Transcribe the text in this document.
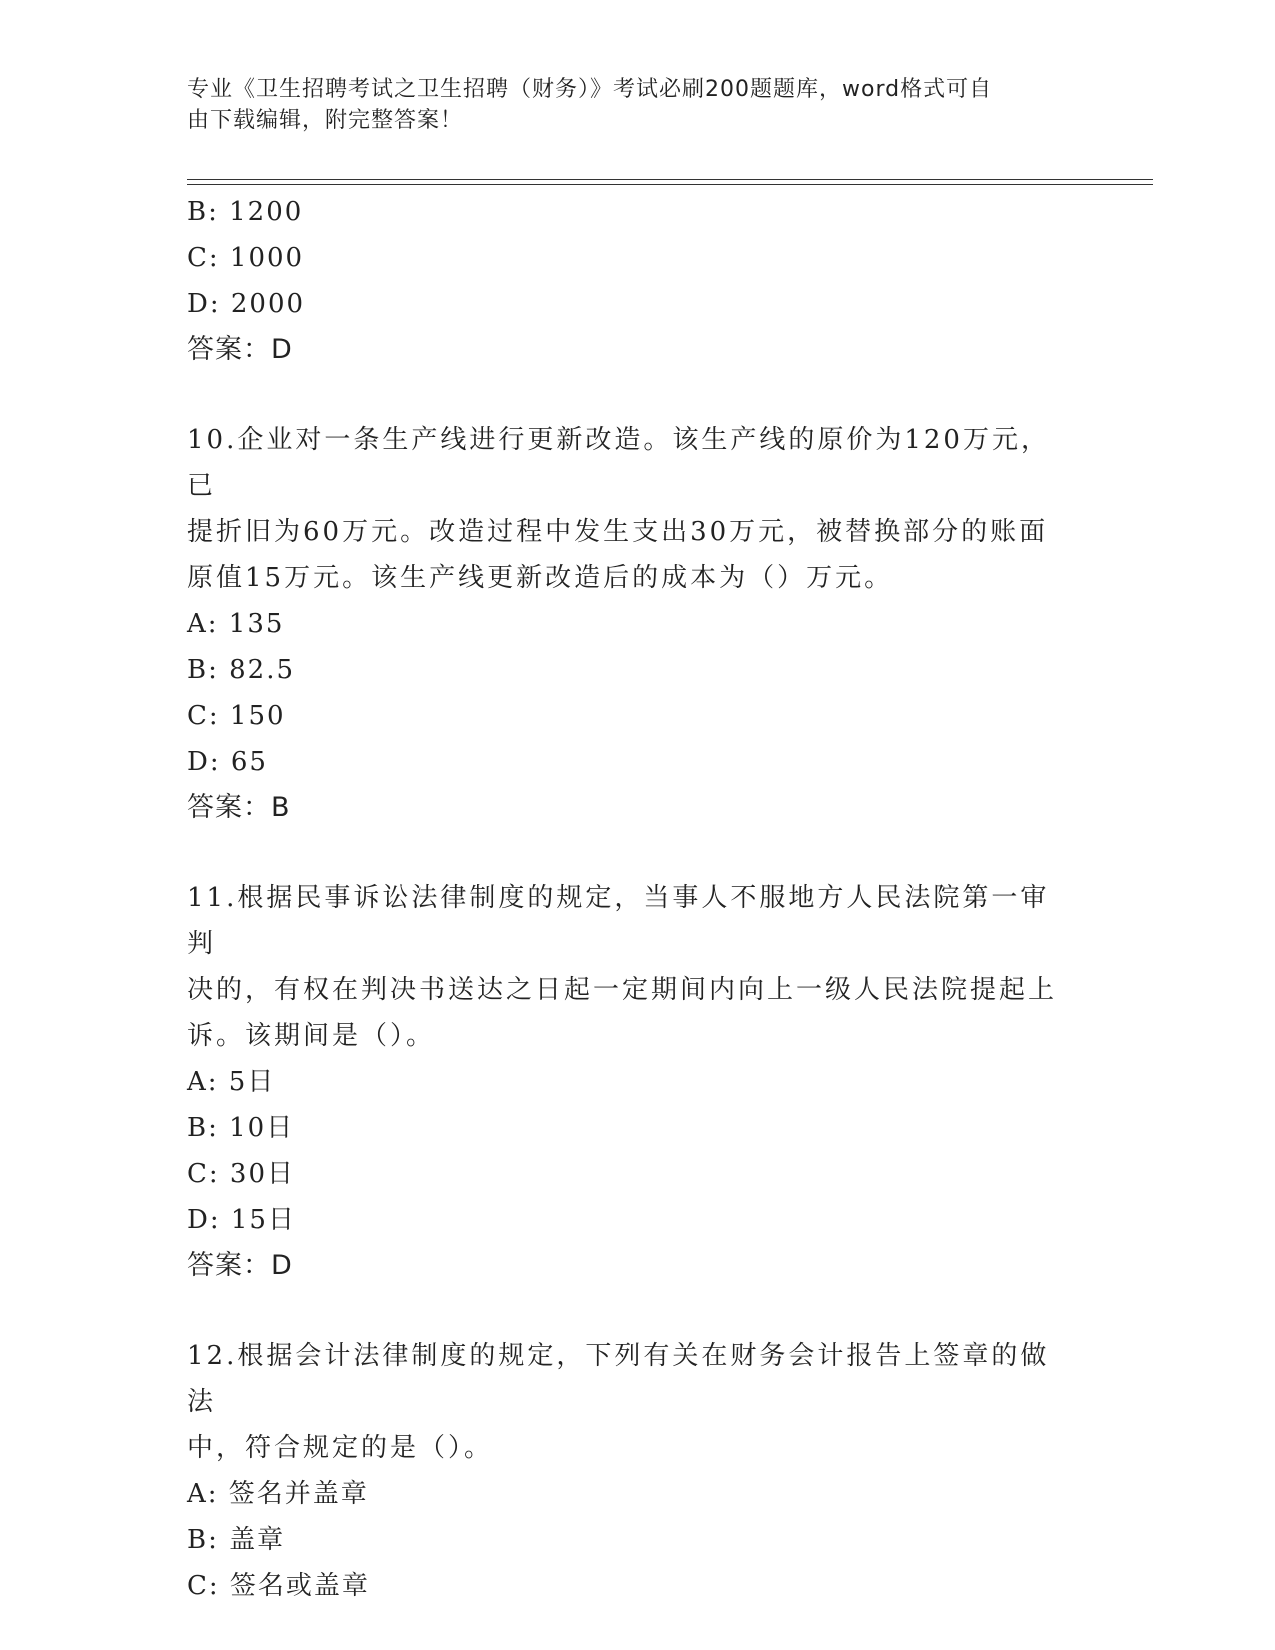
专业《卫生招聘考试之卫生招聘（财务）》考试必刷200题题库，word格式可自
由下载编辑，附完整答案！
B: 1200
C: 1000
D: 2000
答案：D
10.企业对一条生产线进行更新改造。该生产线的原价为120万元，已
提折旧为60万元。改造过程中发生支出30万元，被替换部分的账面
原值15万元。该生产线更新改造后的成本为（）万元。
A: 135
B: 82.5
C: 150
D: 65
答案：B
11.根据民事诉讼法律制度的规定，当事人不服地方人民法院第一审判
决的，有权在判决书送达之日起一定期间内向上一级人民法院提起上
诉。该期间是（）。
A: 5日
B: 10日
C: 30日
D: 15日
答案：D
12.根据会计法律制度的规定，下列有关在财务会计报告上签章的做法
中，符合规定的是（）。
A: 签名并盖章
B: 盖章
C: 签名或盖章
